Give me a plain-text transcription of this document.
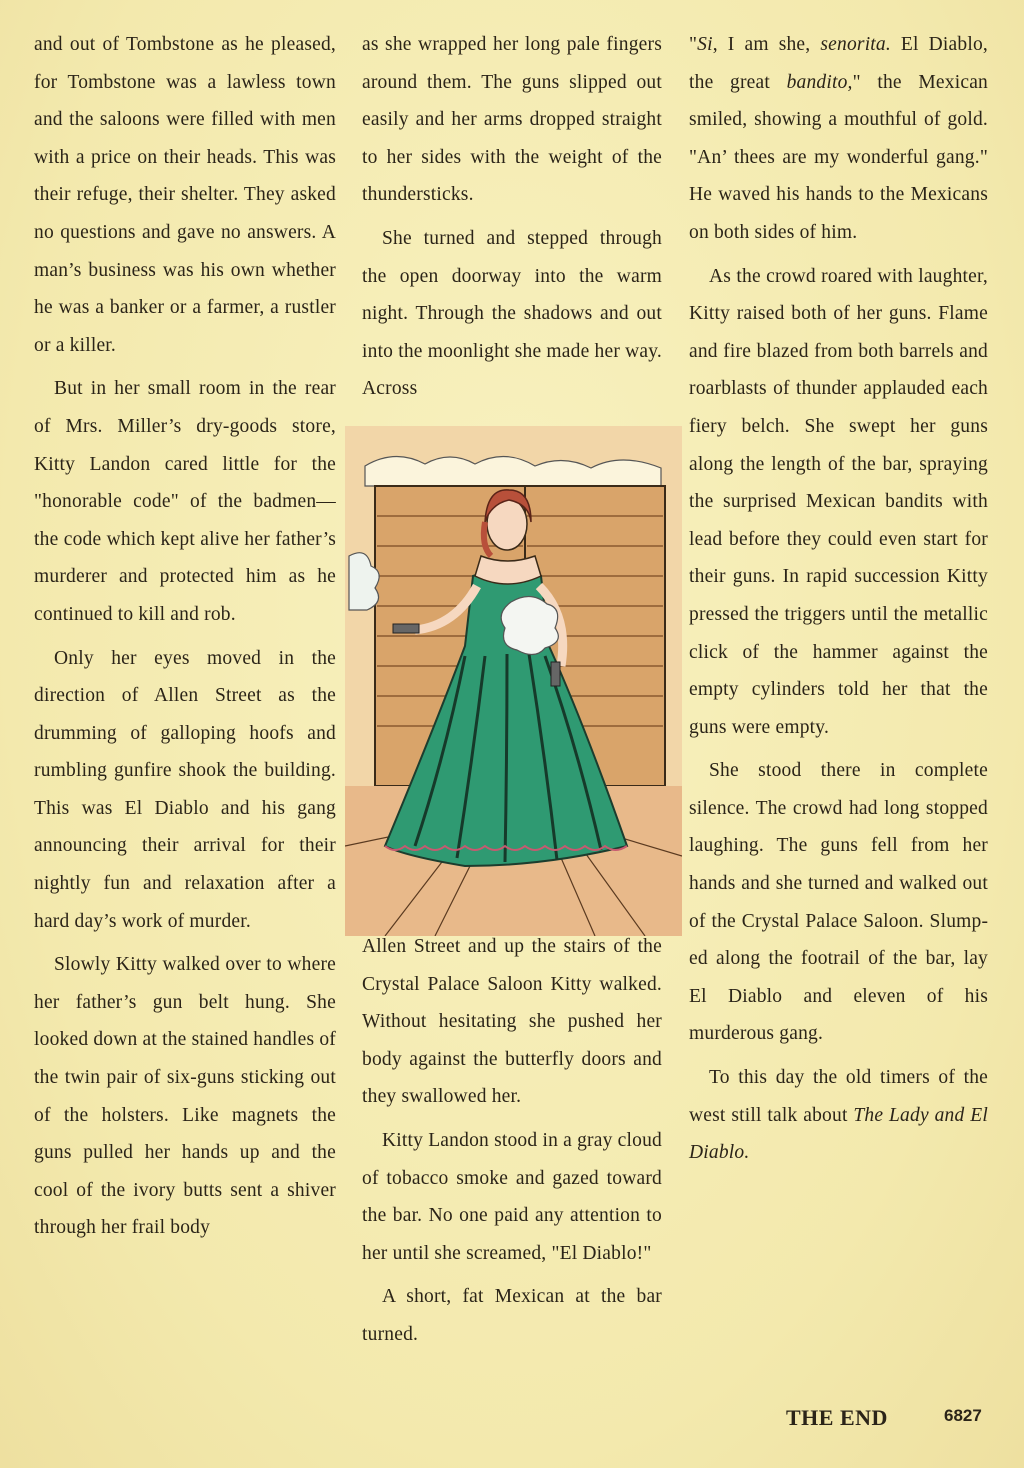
and out of Tombstone as he pleased, for Tombstone was a lawless town and the saloons were filled with men with a price on their heads. This was their refuge, their shelter. They asked no questions and gave no answers. A man’s business was his own whether he was a banker or a farmer, a rustler or a killer.

But in her small room in the rear of Mrs. Miller’s dry-goods store, Kitty Landon cared little for the "honorable code" of the badmen—the code which kept alive her father’s murderer and protected him as he continued to kill and rob.

Only her eyes moved in the direction of Allen Street as the drumming of galloping hoofs and rumbling gunfire shook the building. This was El Diablo and his gang announcing their arrival for their nightly fun and relaxation after a hard day’s work of murder.

Slowly Kitty walked over to where her father’s gun belt hung. She looked down at the stained handles of the twin pair of six-guns sticking out of the holsters. Like magnets the guns pulled her hands up and the cool of the ivory butts sent a shiver through her frail body

as she wrapped her long pale fingers around them. The guns slipped out easily and her arms dropped straight to her sides with the weight of the thundersticks.

She turned and stepped through the open doorway into the warm night. Through the shadows and out into the moonlight she made her way. Across

Allen Street and up the stairs of the Crystal Palace Saloon Kitty walked. Without hesitating she pushed her body against the butterfly doors and they swallowed her.

Kitty Landon stood in a gray cloud of tobacco smoke and gazed toward the bar. No one paid any attention to her until she screamed, "El Diablo!"

A short, fat Mexican at the bar turned.

"Si, I am she, senorita. El Diablo, the great bandito," the Mexican smiled, showing a mouthful of gold. "An’ thees are my wonderful gang." He waved his hands to the Mexicans on both sides of him.

As the crowd roared with laughter, Kitty raised both of her guns. Flame and fire blazed from both barrels and roarblasts of thunder applauded each fiery belch. She swept her guns along the length of the bar, spraying the surprised Mexican bandits with lead before they could even start for their guns. In rapid succession Kitty pressed the triggers until the metallic click of the hammer against the empty cylinders told her that the guns were empty.

She stood there in complete silence. The crowd had long stopped laughing. The guns fell from her hands and she turned and walked out of the Crystal Palace Saloon. Slumped along the footrail of the bar, lay El Diablo and eleven of his murderous gang.

To this day the old timers of the west still talk about The Lady and El Diablo.

THE END	6827
